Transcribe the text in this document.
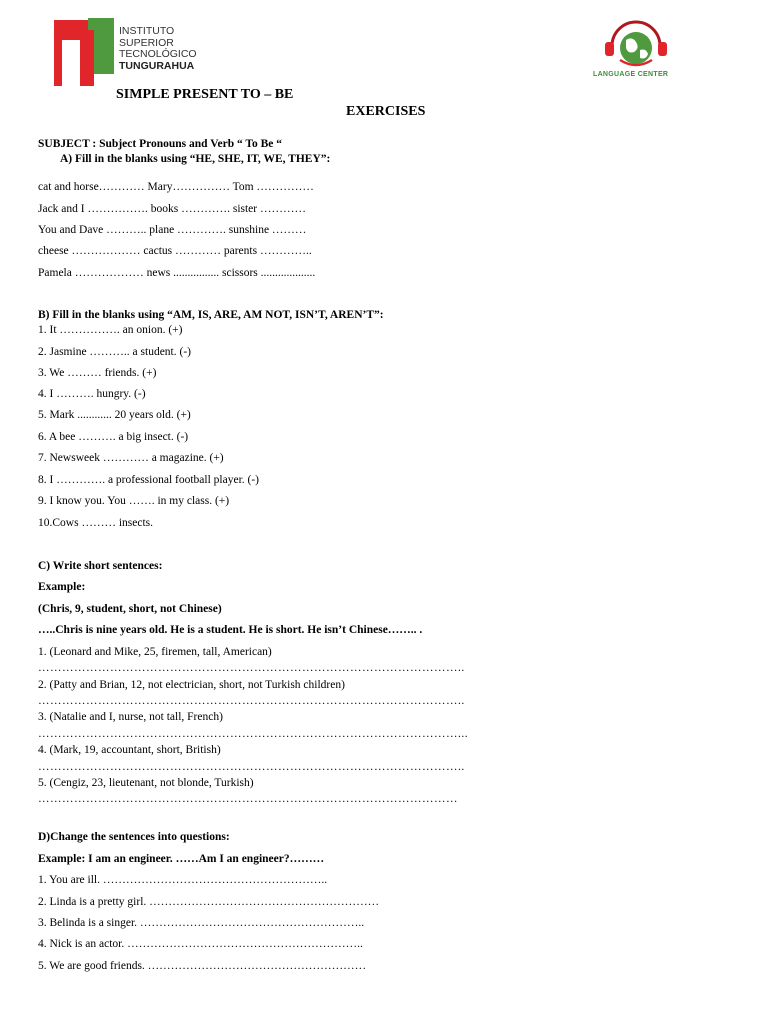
INSTITUTO
SUPERIOR
TECNOLÓGICO
TUNGURAHUA
LANGUAGE CENTER
SIMPLE PRESENT TO – BE
EXERCISES
SUBJECT : Subject Pronouns and Verb “ To Be “
A) Fill in the blanks using “HE, SHE, IT, WE, THEY”:
cat and horse………… Mary…………… Tom ……………
Jack and I ……………. books …………. sister …………
You and Dave ……….. plane …………. sunshine ………
cheese ……………… cactus ………… parents …………..
Pamela ……………… news ................ scissors ...................
B) Fill in the blanks using “AM, IS, ARE, AM NOT, ISN’T, AREN’T”:
1. It ……………. an onion. (+)
2. Jasmine ……….. a student. (-)
3. We ……… friends. (+)
4. I ………. hungry. (-)
5. Mark ............ 20 years old. (+)
6. A bee ………. a big insect. (-)
7. Newsweek ………… a magazine. (+)
8. I …………. a professional football player. (-)
9. I know you. You ……. in my class. (+)
10.Cows ……… insects.
C) Write short sentences:
Example:
(Chris, 9, student, short, not Chinese)
…..Chris is nine years old. He is a student. He is short. He isn’t Chinese…….. .
1. (Leonard and Mike, 25, firemen, tall, American)
……………………………………………………………………………………………..
2. (Patty and Brian, 12, not electrician, short, not Turkish children)
……………………………………………………………………………………………..
3. (Natalie and I, nurse, not tall, French)
……………………………………………………………………………………………...
4. (Mark, 19, accountant, short, British)
……………………………………………………………………………………………..
5. (Cengiz, 23, lieutenant, not blonde, Turkish)
……………………………………………………………………………………………
D)Change the sentences into questions:
Example: I am an engineer. ……Am I an engineer?………
1. You are ill. …………………………………………………..
2. Linda is a pretty girl. ……………………………………………………
3. Belinda is a singer. …………………………………………………..
4. Nick is an actor. ……………………………………………………..
5. We are good friends. …………………………………………………
